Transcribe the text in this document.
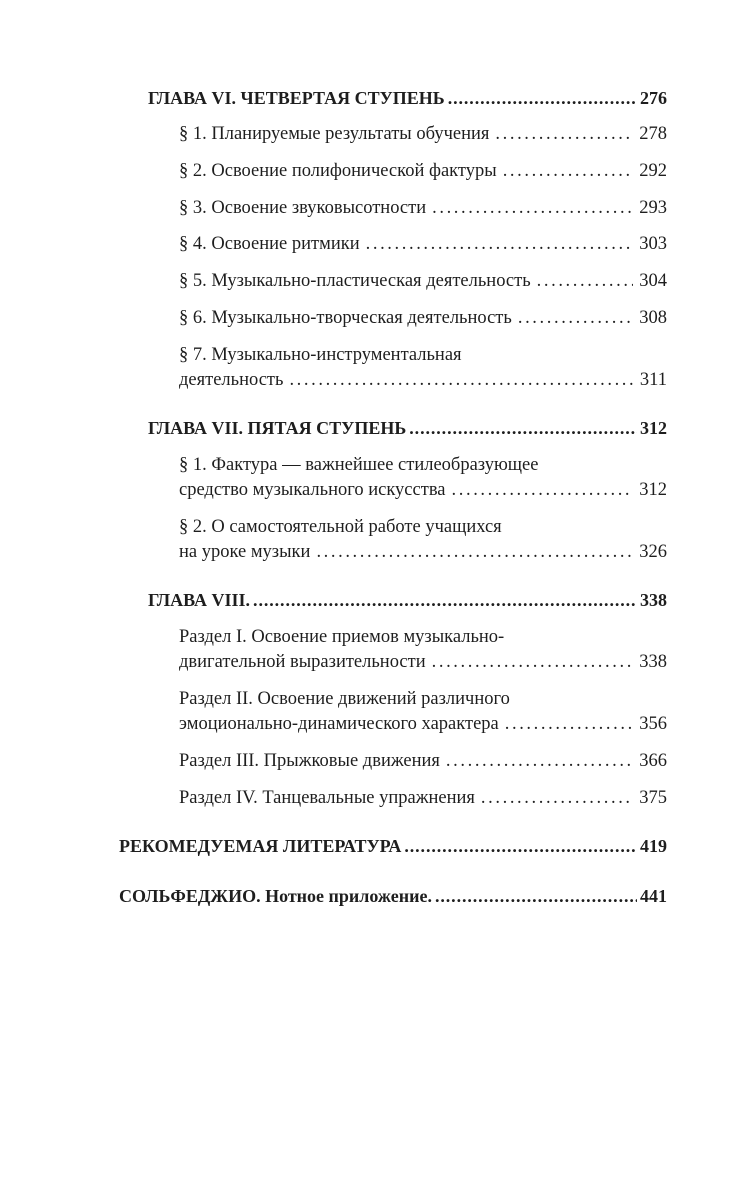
ГЛАВА VI. ЧЕТВЕРТАЯ СТУПЕНЬ .....	276
§ 1. Планируемые результаты обучения .....	278
§ 2. Освоение полифонической фактуры .....	292
§ 3. Освоение звуковысотности .....	293
§ 4. Освоение ритмики .....	303
§ 5. Музыкально-пластическая деятельность .....	304
§ 6. Музыкально-творческая деятельность .....	308
§ 7. Музыкально-инструментальная
деятельность .....	311
ГЛАВА VII. ПЯТАЯ СТУПЕНЬ .....	312
§ 1. Фактура — важнейшее стилеобразующее
средство музыкального искусства .....	312
§ 2. О самостоятельной работе учащихся
на уроке музыки .....	326
ГЛАВА VIII. .....	338
Раздел I. Освоение приемов музыкально-
двигательной выразительности .....	338
Раздел II. Освоение движений различного
эмоционально-динамического характера .....	356
Раздел III. Прыжковые движения .....	366
Раздел IV. Танцевальные упражнения .....	375
РЕКОМЕДУЕМАЯ ЛИТЕРАТУРА .....	419
СОЛЬФЕДЖИО. Нотное приложение. .....	441
